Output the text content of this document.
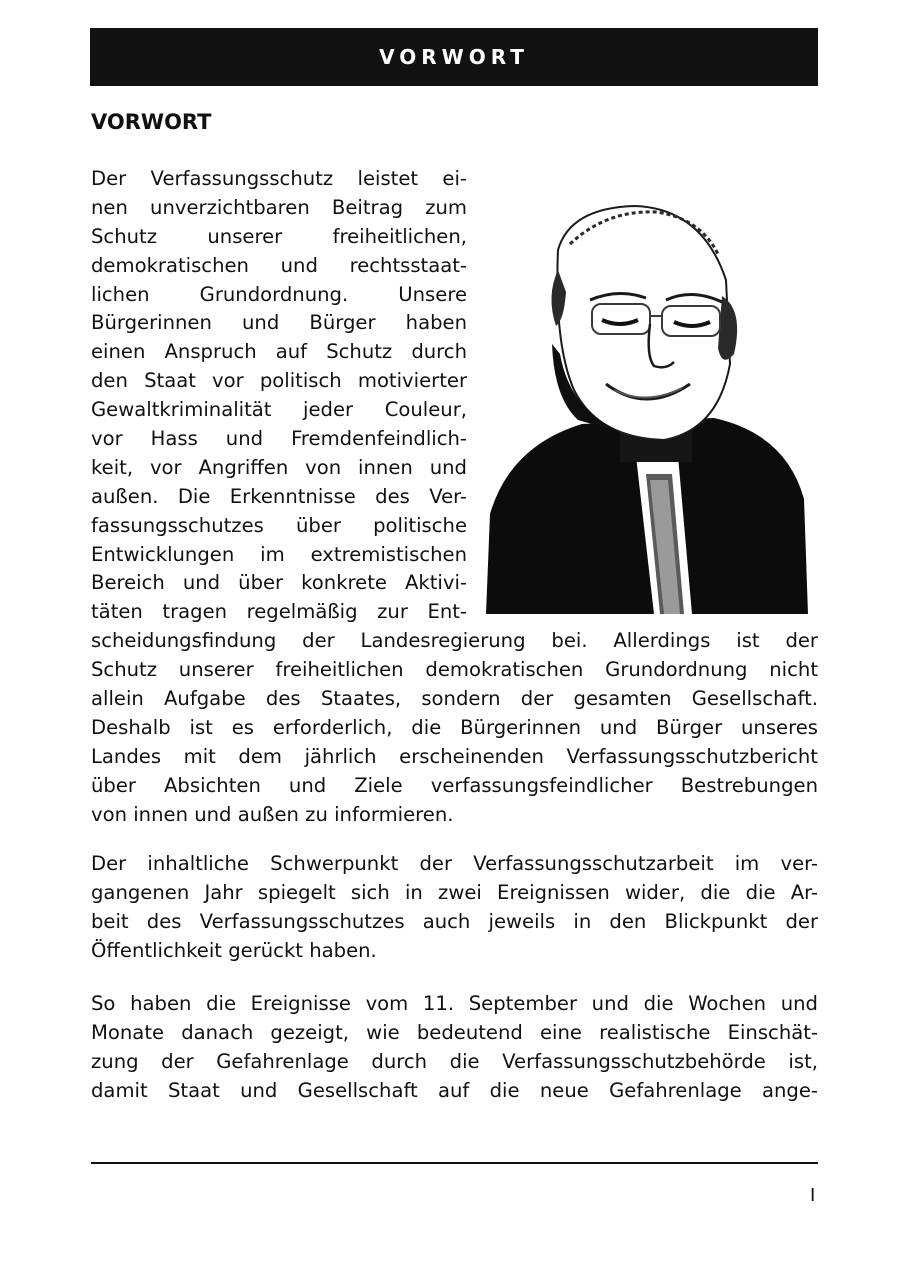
VORWORT
VORWORT
Der Verfassungsschutz leistet ei-
nen unverzichtbaren Beitrag zum
Schutz unserer freiheitlichen,
demokratischen und rechtsstaat-
lichen Grundordnung. Unsere
Bürgerinnen und Bürger haben
einen Anspruch auf Schutz durch
den Staat vor politisch motivierter
Gewaltkriminalität jeder Couleur,
vor Hass und Fremdenfeindlich-
keit, vor Angriffen von innen und
außen. Die Erkenntnisse des Ver-
fassungsschutzes über politische
Entwicklungen im extremistischen
Bereich und über konkrete Aktivi-
täten tragen regelmäßig zur Ent-
scheidungsfindung der Landesregierung bei. Allerdings ist der
Schutz unserer freiheitlichen demokratischen Grundordnung nicht
allein Aufgabe des Staates, sondern der gesamten Gesellschaft.
Deshalb ist es erforderlich, die Bürgerinnen und Bürger unseres
Landes mit dem jährlich erscheinenden Verfassungsschutzbericht
über Absichten und Ziele verfassungsfeindlicher Bestrebungen
von innen und außen zu informieren.
Der inhaltliche Schwerpunkt der Verfassungsschutzarbeit im ver-
gangenen Jahr spiegelt sich in zwei Ereignissen wider, die die Ar-
beit des Verfassungsschutzes auch jeweils in den Blickpunkt der
Öffentlichkeit gerückt haben.
So haben die Ereignisse vom 11. September und die Wochen und
Monate danach gezeigt, wie bedeutend eine realistische Einschät-
zung der Gefahrenlage durch die Verfassungsschutzbehörde ist,
damit Staat und Gesellschaft auf die neue Gefahrenlage ange-
I
